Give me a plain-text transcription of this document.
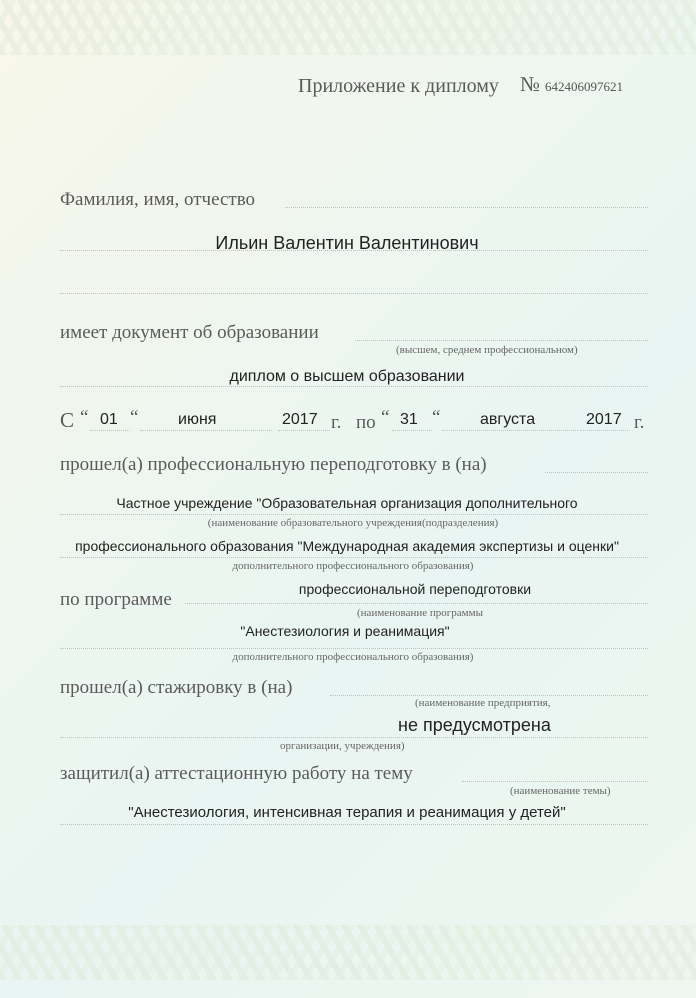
Приложение к диплому № 642406097621
Фамилия, имя, отчество
Ильин Валентин Валентинович
имеет документ об образовании
(высшем, среднем профессиональном)
диплом о высшем образовании
С “ 01 “ июня	2017 г. по “ 31 “ августа	2017 г.
прошел(а) профессиональную переподготовку в (на)
Частное учреждение "Образовательная организация дополнительного
(наименование образовательного учреждения(подразделения)
профессионального образования "Международная академия экспертизы и оценки"
дополнительного профессионального образования)
по программе	профессиональной переподготовки
(наименование программы
"Анестезиология и реанимация"
дополнительного профессионального образования)
прошел(а) стажировку в (на)
(наименование предприятия,
не предусмотрена
организации, учреждения)
защитил(а) аттестационную работу на тему
(наименование темы)
"Анестезиология, интенсивная терапия и реанимация у детей"
